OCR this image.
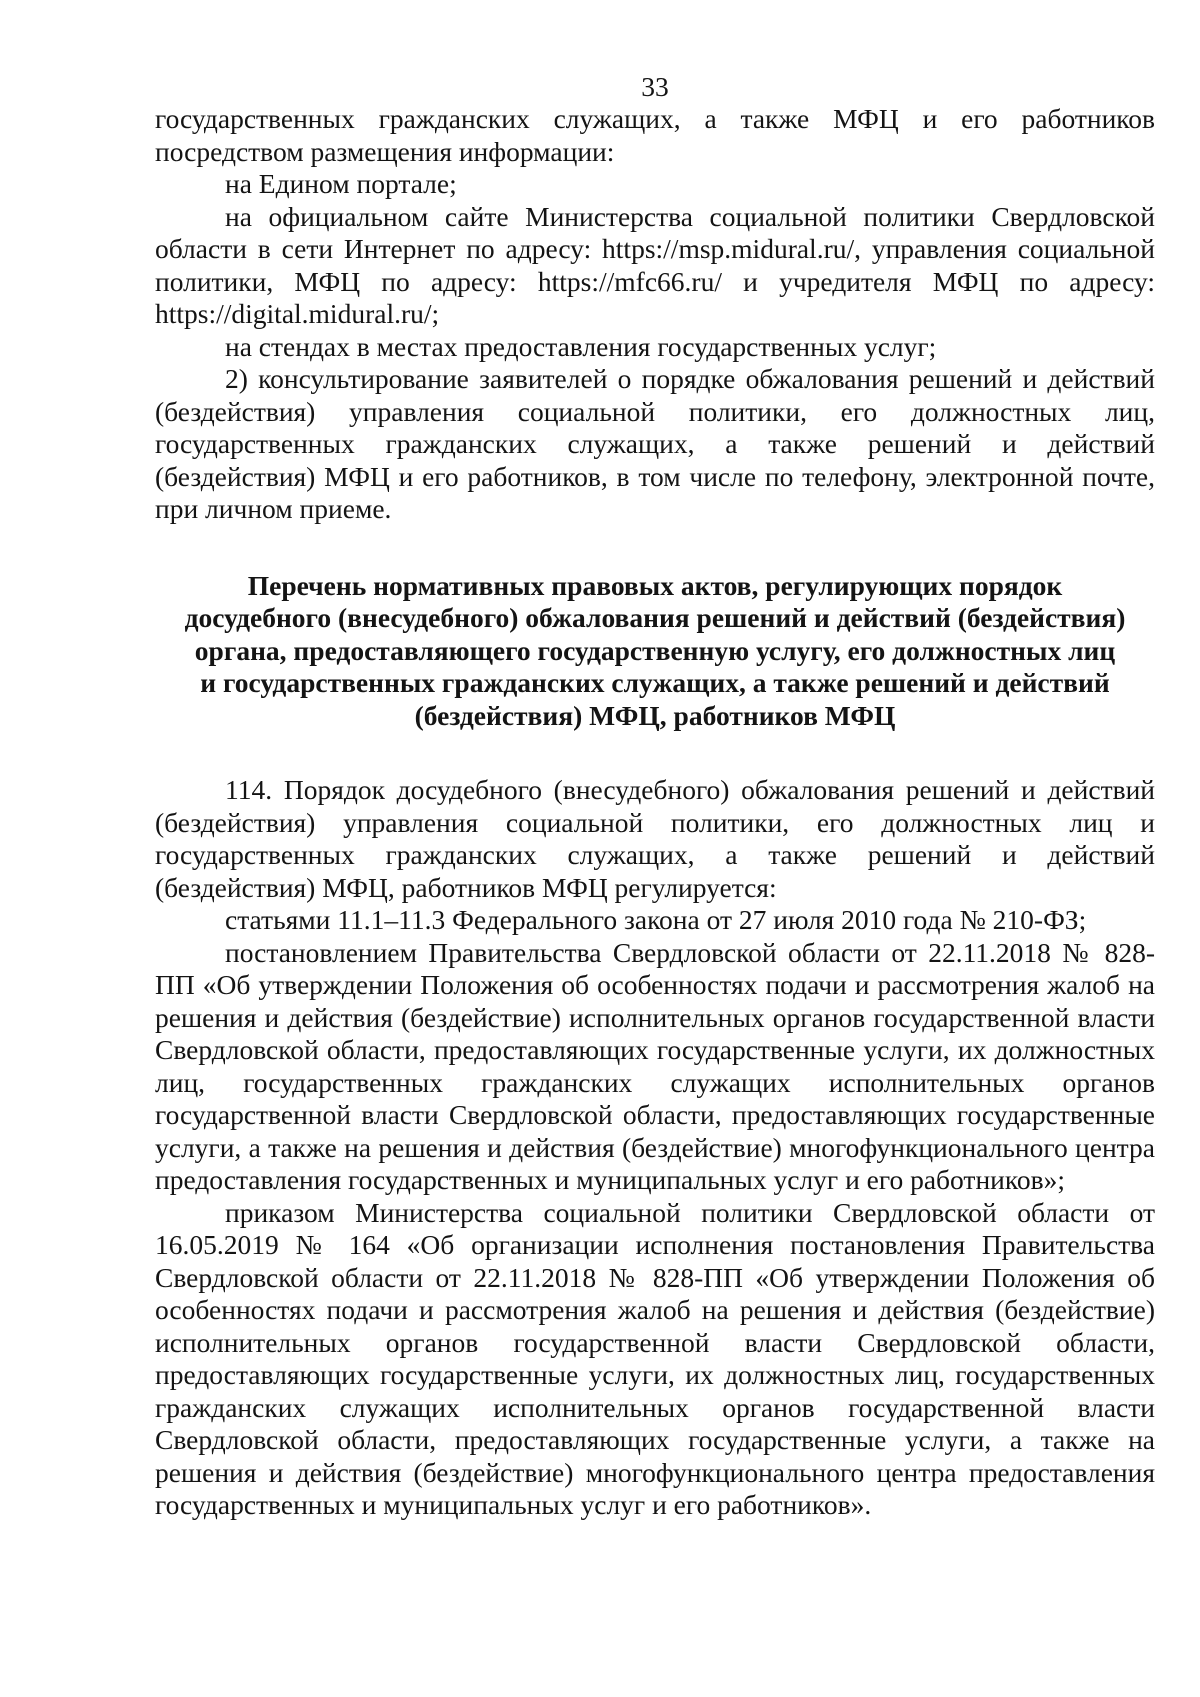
33

государственных гражданских служащих, а также МФЦ и его работников посредством размещения информации:

на Едином портале;

на официальном сайте Министерства социальной политики Свердловской области в сети Интернет по адресу: https://msp.midural.ru/, управления социальной политики, МФЦ по адресу: https://mfc66.ru/ и учредителя МФЦ по адресу: https://digital.midural.ru/;

на стендах в местах предоставления государственных услуг;

2) консультирование заявителей о порядке обжалования решений и действий (бездействия) управления социальной политики, его должностных лиц, государственных гражданских служащих, а также решений и действий (бездействия) МФЦ и его работников, в том числе по телефону, электронной почте, при личном приеме.

Перечень нормативных правовых актов, регулирующих порядок
досудебного (внесудебного) обжалования решений и действий (бездействия)
органа, предоставляющего государственную услугу, его должностных лиц
и государственных гражданских служащих, а также решений и действий
(бездействия) МФЦ, работников МФЦ

114. Порядок досудебного (внесудебного) обжалования решений и действий (бездействия) управления социальной политики, его должностных лиц и государственных гражданских служащих, а также решений и действий (бездействия) МФЦ, работников МФЦ регулируется:

статьями 11.1–11.3 Федерального закона от 27 июля 2010 года № 210-ФЗ;

постановлением Правительства Свердловской области от 22.11.2018 № 828-ПП «Об утверждении Положения об особенностях подачи и рассмотрения жалоб на решения и действия (бездействие) исполнительных органов государственной власти Свердловской области, предоставляющих государственные услуги, их должностных лиц, государственных гражданских служащих исполнительных органов государственной власти Свердловской области, предоставляющих государственные услуги, а также на решения и действия (бездействие) многофункционального центра предоставления государственных и муниципальных услуг и его работников»;

приказом Министерства социальной политики Свердловской области от 16.05.2019 № 164 «Об организации исполнения постановления Правительства Свердловской области от 22.11.2018 № 828-ПП «Об утверждении Положения об особенностях подачи и рассмотрения жалоб на решения и действия (бездействие) исполнительных органов государственной власти Свердловской области, предоставляющих государственные услуги, их должностных лиц, государственных гражданских служащих исполнительных органов государственной власти Свердловской области, предоставляющих государственные услуги, а также на решения и действия (бездействие) многофункционального центра предоставления государственных и муниципальных услуг и его работников».
